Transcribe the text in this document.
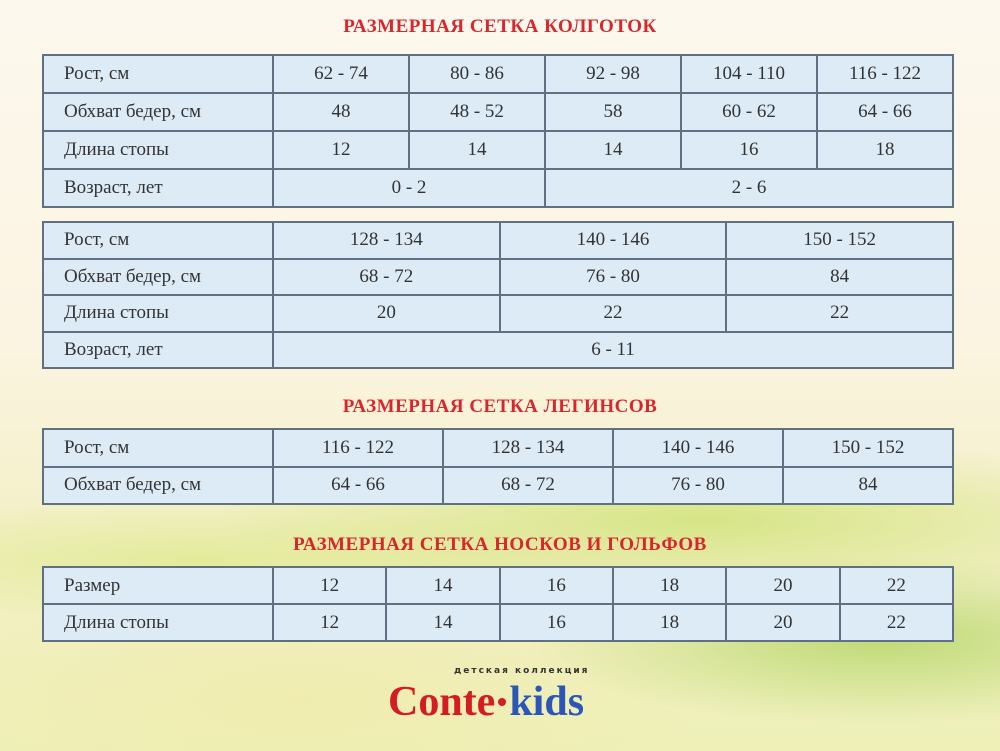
РАЗМЕРНАЯ СЕТКА КОЛГОТОК
Рост, см	62 - 74	80 - 86	92 - 98	104 - 110	116 - 122
Обхват бедер, см	48	48 - 52	58	60 - 62	64 - 66
Длина стопы	12	14	14	16	18
Возраст, лет	0 - 2		2 - 6		
Рост, см	128 - 134	140 - 146	150 - 152
Обхват бедер, см	68 - 72	76 - 80	84
Длина стопы	20	22	22
Возраст, лет	6 - 11		
РАЗМЕРНАЯ СЕТКА ЛЕГИНСОВ
Рост, см	116 - 122	128 - 134	140 - 146	150 - 152
Обхват бедер, см	64 - 66	68 - 72	76 - 80	84
РАЗМЕРНАЯ СЕТКА НОСКОВ И ГОЛЬФОВ
Размер	12	14	16	18	20	22
Длина стопы	12	14	16	18	20	22
детская коллекция
Conte kids
